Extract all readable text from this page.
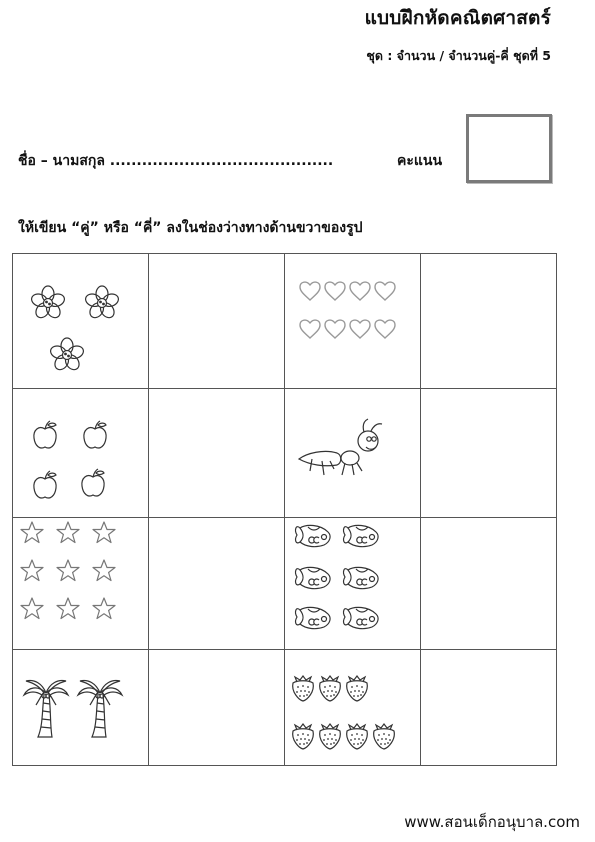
แบบฝึกหัดคณิตศาสตร์
ชุด : จำนวน / จำนวนคู่-คี่ ชุดที่ 5
ชื่อ – นามสกุล ..........................................	คะแนน
ให้เขียน “คู่” หรือ “คี่” ลงในช่องว่างทางด้านขวาของรูป
www.สอนเด็กอนุบาล.com
